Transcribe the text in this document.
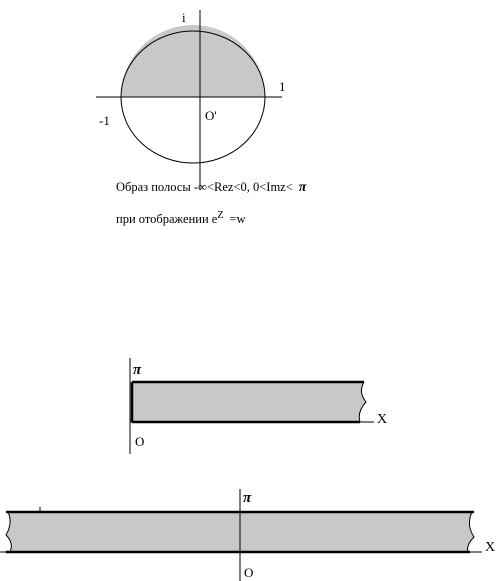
i
1
-1	O'
Образ полосы -∞<Rez<0, 0<Imz< π
при отображении $e^Z =w$
π
X
O
π
X
O
